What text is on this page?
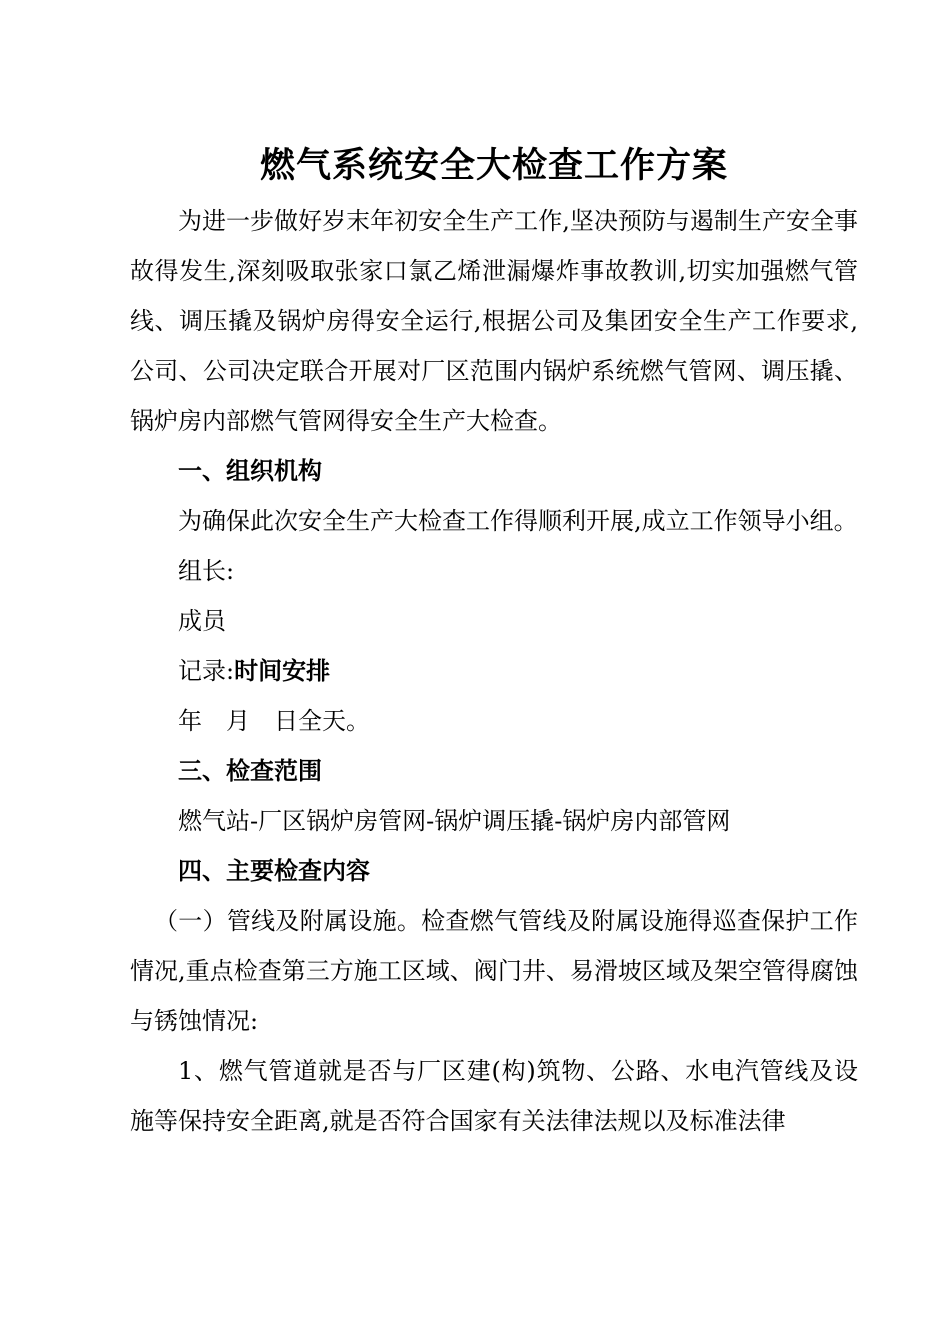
燃气系统安全大检查工作方案

为进一步做好岁末年初安全生产工作,坚决预防与遏制生产安全事故得发生,深刻吸取张家口氯乙烯泄漏爆炸事故教训,切实加强燃气管线、调压撬及锅炉房得安全运行,根据公司及集团安全生产工作要求,公司、公司决定联合开展对厂区范围内锅炉系统燃气管网、调压撬、锅炉房内部燃气管网得安全生产大检查。

一、组织机构

为确保此次安全生产大检查工作得顺利开展,成立工作领导小组。

组长:

成员

记录:时间安排

年　月　日全天。

三、检查范围

燃气站-厂区锅炉房管网-锅炉调压撬-锅炉房内部管网

四、主要检查内容

（一）管线及附属设施。检查燃气管线及附属设施得巡查保护工作情况,重点检查第三方施工区域、阀门井、易滑坡区域及架空管得腐蚀与锈蚀情况:

1、燃气管道就是否与厂区建(构)筑物、公路、水电汽管线及设施等保持安全距离,就是否符合国家有关法律法规以及标准法律
